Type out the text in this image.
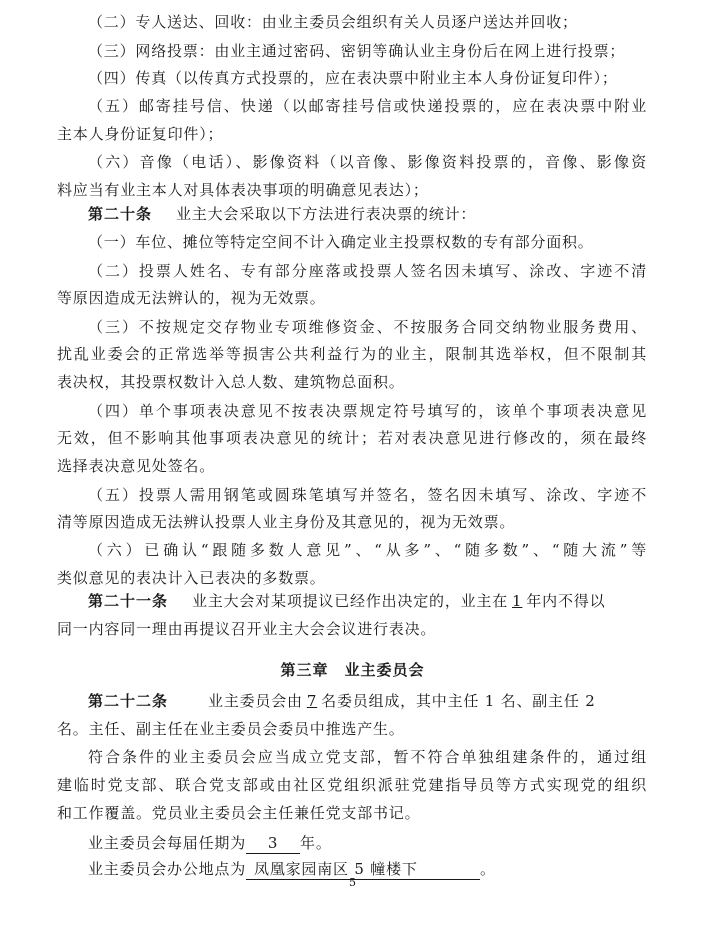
（二）专人送达、回收：由业主委员会组织有关人员逐户送达并回收；
（三）网络投票：由业主通过密码、密钥等确认业主身份后在网上进行投票；
（四）传真（以传真方式投票的，应在表决票中附业主本人身份证复印件）；
（五）邮寄挂号信、快递（以邮寄挂号信或快递投票的，应在表决票中附业
主本人身份证复印件）；
（六）音像（电话）、影像资料（以音像、影像资料投票的，音像、影像资
料应当有业主本人对具体表决事项的明确意见表达）；
第二十条 业主大会采取以下方法进行表决票的统计：
（一）车位、摊位等特定空间不计入确定业主投票权数的专有部分面积。
（二）投票人姓名、专有部分座落或投票人签名因未填写、涂改、字迹不清
等原因造成无法辨认的，视为无效票。
（三）不按规定交存物业专项维修资金、不按服务合同交纳物业服务费用、
扰乱业委会的正常选举等损害公共利益行为的业主，限制其选举权，但不限制其
表决权，其投票权数计入总人数、建筑物总面积。
（四）单个事项表决意见不按表决票规定符号填写的，该单个事项表决意见
无效，但不影响其他事项表决意见的统计；若对表决意见进行修改的，须在最终
选择表决意见处签名。
（五）投票人需用钢笔或圆珠笔填写并签名，签名因未填写、涂改、字迹不
清等原因造成无法辨认投票人业主身份及其意见的，视为无效票。
（六）已确认“跟随多数人意见”、“从多”、“随多数”、“随大流”等
类似意见的表决计入已表决的多数票。
第二十一条 业主大会对某项提议已经作出决定的，业主在 1 年内不得以
同一内容同一理由再提议召开业主大会会议进行表决。
第三章　业主委员会
第二十二条	业主委员会由 7 名委员组成，其中主任 1 名、副主任 2
名。主任、副主任在业主委员会委员中推选产生。
符合条件的业主委员会应当成立党支部，暂不符合单独组建条件的，通过组
建临时党支部、联合党支部或由社区党组织派驻党建指导员等方式实现党的组织
和工作覆盖。党员业主委员会主任兼任党支部书记。
业主委员会每届任期为 3 年。
业主委员会办公地点为 凤凰家园南区 5 幢楼下	。
5
